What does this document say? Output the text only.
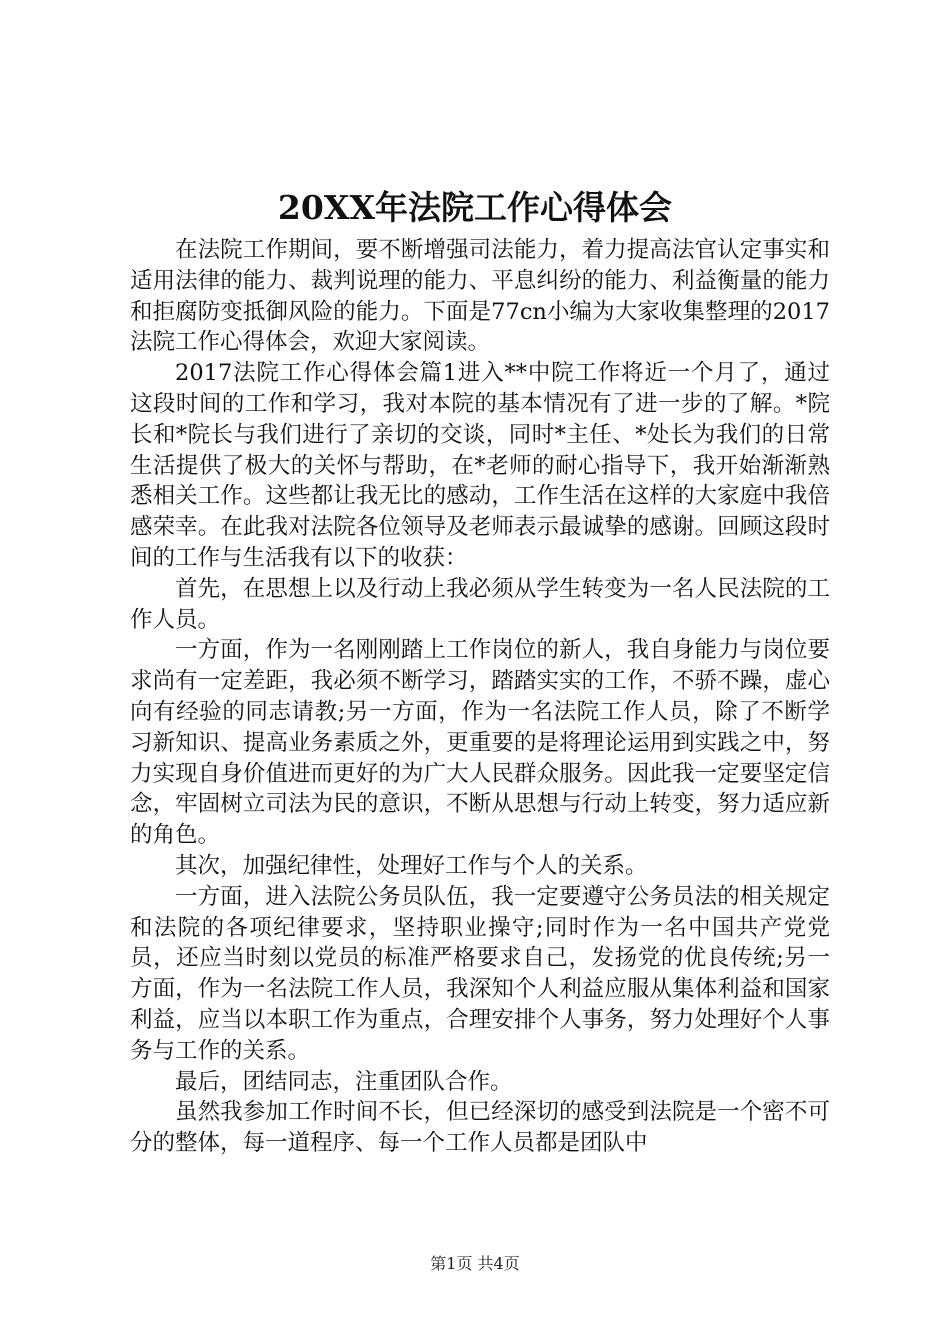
20XX年法院工作心得体会

在法院工作期间，要不断增强司法能力，着力提高法官认定事实和适用法律的能力、裁判说理的能力、平息纠纷的能力、利益衡量的能力和拒腐防变抵御风险的能力。下面是77cn小编为大家收集整理的2017法院工作心得体会，欢迎大家阅读。

2017法院工作心得体会篇1进入**中院工作将近一个月了，通过这段时间的工作和学习，我对本院的基本情况有了进一步的了解。*院长和*院长与我们进行了亲切的交谈，同时*主任、*处长为我们的日常生活提供了极大的关怀与帮助，在*老师的耐心指导下，我开始渐渐熟悉相关工作。这些都让我无比的感动，工作生活在这样的大家庭中我倍感荣幸。在此我对法院各位领导及老师表示最诚挚的感谢。回顾这段时间的工作与生活我有以下的收获：

首先，在思想上以及行动上我必须从学生转变为一名人民法院的工作人员。

一方面，作为一名刚刚踏上工作岗位的新人，我自身能力与岗位要求尚有一定差距，我必须不断学习，踏踏实实的工作，不骄不躁，虚心向有经验的同志请教;另一方面，作为一名法院工作人员，除了不断学习新知识、提高业务素质之外，更重要的是将理论运用到实践之中，努力实现自身价值进而更好的为广大人民群众服务。因此我一定要坚定信念，牢固树立司法为民的意识，不断从思想与行动上转变，努力适应新的角色。

其次，加强纪律性，处理好工作与个人的关系。

一方面，进入法院公务员队伍，我一定要遵守公务员法的相关规定和法院的各项纪律要求，坚持职业操守;同时作为一名中国共产党党员，还应当时刻以党员的标准严格要求自己，发扬党的优良传统;另一方面，作为一名法院工作人员，我深知个人利益应服从集体利益和国家利益，应当以本职工作为重点，合理安排个人事务，努力处理好个人事务与工作的关系。

最后，团结同志，注重团队合作。

虽然我参加工作时间不长，但已经深切的感受到法院是一个密不可分的整体，每一道程序、每一个工作人员都是团队中

第1页 共4页
